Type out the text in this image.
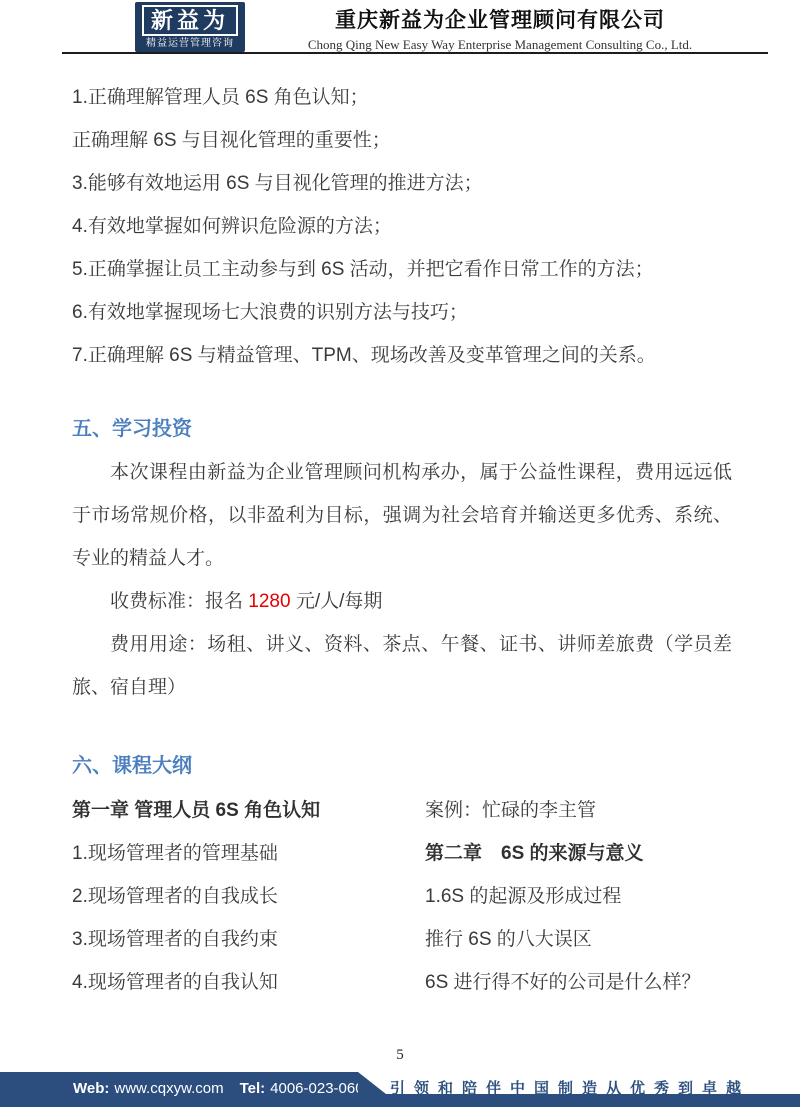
新益为
精益运营管理咨询
重庆新益为企业管理顾问有限公司
Chong Qing New Easy Way Enterprise Management Consulting Co., Ltd.

1.正确理解管理人员 6S 角色认知；

正确理解 6S 与目视化管理的重要性；

3.能够有效地运用 6S 与目视化管理的推进方法；

4.有效地掌握如何辨识危险源的方法；

5.正确掌握让员工主动参与到 6S 活动，并把它看作日常工作的方法；

6.有效地掌握现场七大浪费的识别方法与技巧；

7.正确理解 6S 与精益管理、TPM、现场改善及变革管理之间的关系。

五、学习投资

本次课程由新益为企业管理顾问机构承办，属于公益性课程，费用远远低于市场常规价格，以非盈利为目标，强调为社会培育并输送更多优秀、系统、专业的精益人才。

收费标准：报名 1280 元/人/每期

费用用途：场租、讲义、资料、茶点、午餐、证书、讲师差旅费（学员差旅、宿自理）

六、课程大纲
第一章 管理人员 6S 角色认知	案例：忙碌的李主管
1.现场管理者的管理基础	第二章　6S 的来源与意义
2.现场管理者的自我成长	1.6S 的起源及形成过程
3.现场管理者的自我约束	推行 6S 的八大误区
4.现场管理者的自我认知	6S 进行得不好的公司是什么样？
5
Web: www.cqxyw.com Tel: 4006-023-060 引领和陪伴中国制造从优秀到卓越
